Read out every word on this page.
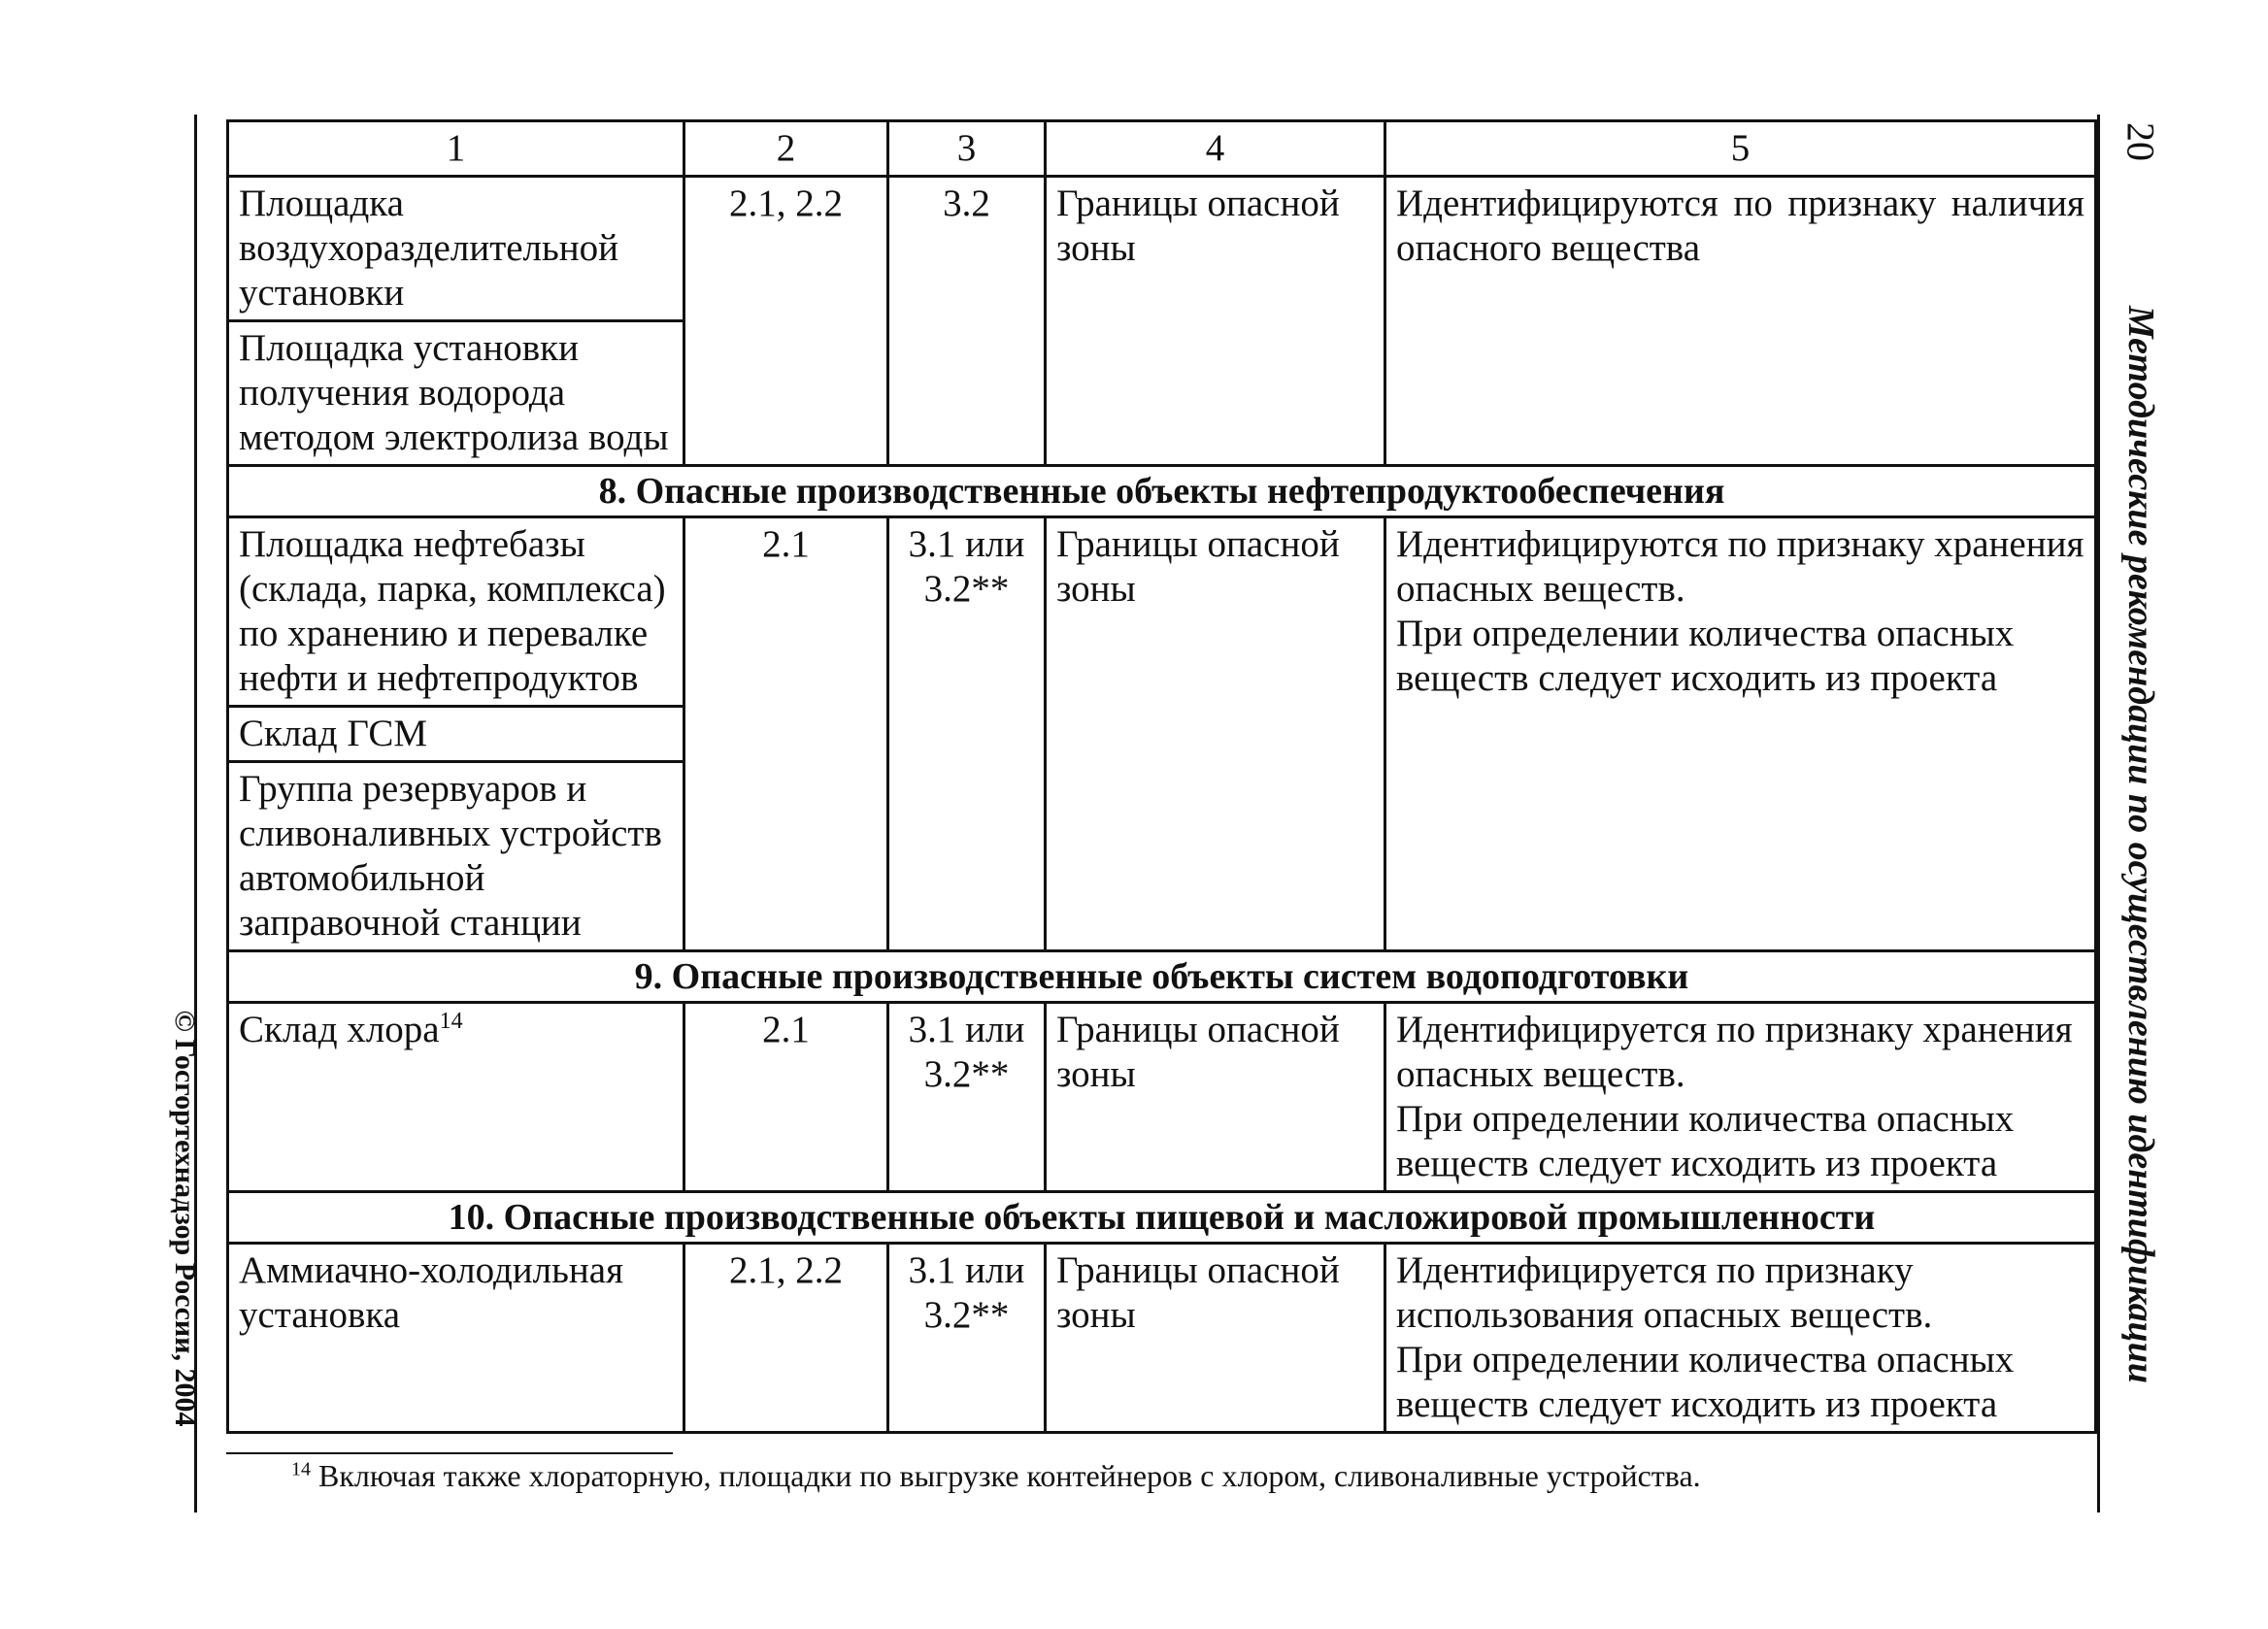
© Госгортехнадзор России, 2004
20
Методические рекомендации по осуществлению идентификации
1	2	3	4	5
Площадка воздухоразделительной установки	2.1, 2.2	3.2	Границы опасной зоны	Идентифицируются по признаку наличия опасного вещества
Площадка установки получения водорода методом электролиза воды				
8. Опасные производственные объекты нефтепродуктообеспечения				
Площадка нефтебазы (склада, парка, комплекса) по хранению и перевалке нефти и нефтепродуктов	2.1	3.1 или
3.2**	Границы опасной зоны	Идентифицируются по признаку хранения опасных веществ.
При определении количества опасных веществ следует исходить из проекта

Склад ГСМ				
Группа резервуаров и сливоналивных устройств автомобильной заправочной станции				
9. Опасные производственные объекты систем водоподготовки				
Склад хлора$^{14}$	2.1	3.1 или
3.2**	Границы опасной зоны	Идентифицируется по признаку хранения опасных веществ.
При определении количества опасных веществ следует исходить из проекта

10. Опасные производственные объекты пищевой и масложировой промышленности				
Аммиачно-холодильная установка	2.1, 2.2	3.1 или
3.2**	Границы опасной зоны	Идентифицируется по признаку использования опасных веществ.
При определении количества опасных веществ следует исходить из проекта
$^{14}$ Включая также хлораторную, площадки по выгрузке контейнеров с хлором, сливоналивные устройства.
